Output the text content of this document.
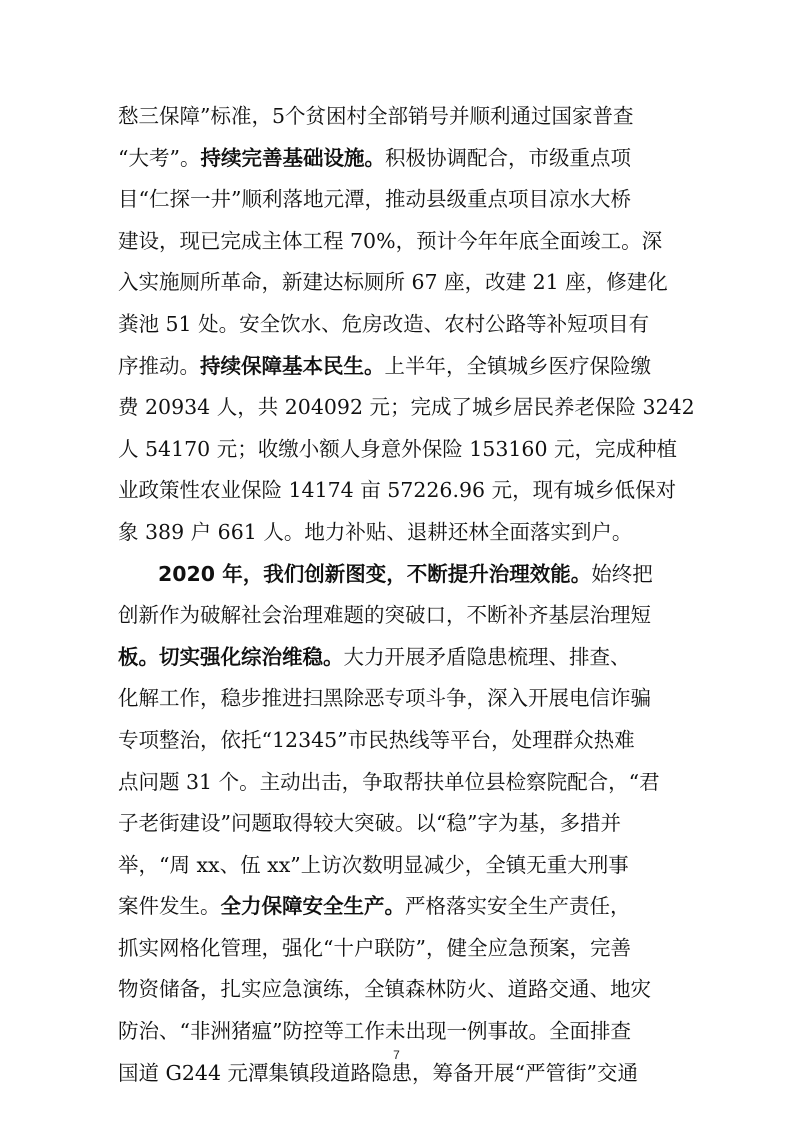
愁三保障”标准，5个贫困村全部销号并顺利通过国家普查
“大考”。持续完善基础设施。积极协调配合，市级重点项
目“仁探一井”顺利落地元潭，推动县级重点项目凉水大桥
建设，现已完成主体工程 70%，预计今年年底全面竣工。深
入实施厕所革命，新建达标厕所 67 座，改建 21 座，修建化
粪池 51 处。安全饮水、危房改造、农村公路等补短项目有
序推动。持续保障基本民生。上半年，全镇城乡医疗保险缴
费 20934 人，共 204092 元；完成了城乡居民养老保险 3242
人 54170 元；收缴小额人身意外保险 153160 元，完成种植
业政策性农业保险 14174 亩 57226.96 元，现有城乡低保对
象 389 户 661 人。地力补贴、退耕还林全面落实到户。
2020 年，我们创新图变，不断提升治理效能。始终把
创新作为破解社会治理难题的突破口，不断补齐基层治理短
板。切实强化综治维稳。大力开展矛盾隐患梳理、排查、
化解工作，稳步推进扫黑除恶专项斗争，深入开展电信诈骗
专项整治，依托“12345”市民热线等平台，处理群众热难
点问题 31 个。主动出击，争取帮扶单位县检察院配合，“君
子老街建设”问题取得较大突破。以“稳”字为基，多措并
举，“周 xx、伍 xx”上访次数明显减少，全镇无重大刑事
案件发生。全力保障安全生产。严格落实安全生产责任，
抓实网格化管理，强化“十户联防”，健全应急预案，完善
物资储备，扎实应急演练，全镇森林防火、道路交通、地灾
防治、“非洲猪瘟”防控等工作未出现一例事故。全面排查
国道 G244 元潭集镇段道路隐患，筹备开展“严管街”交通
7
